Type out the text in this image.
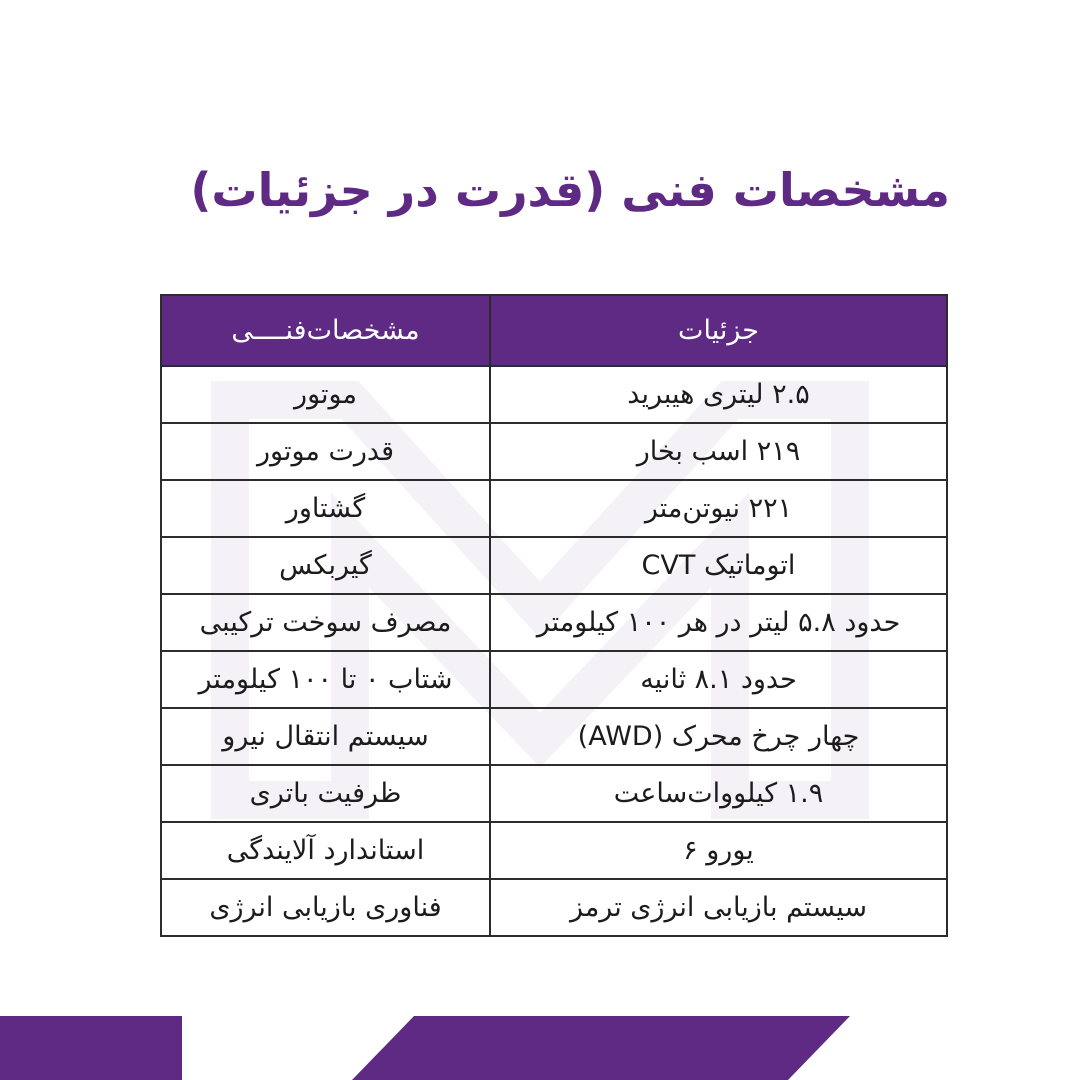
مشخصات فنی (قدرت در جزئیات)
جزئیات	مشخصات‌فنــــی
۲.۵ لیتری هیبرید	موتور
۲۱۹ اسب بخار	قدرت موتور
۲۲۱ نیوتن‌متر	گشتاور
اتوماتیک CVT	گیربکس
حدود ۵.۸ لیتر در هر ۱۰۰ کیلومتر	مصرف سوخت ترکیبی
حدود ۸.۱ ثانیه	شتاب ۰ تا ۱۰۰ کیلومتر
چهار چرخ محرک (AWD)	سیستم انتقال نیرو
۱.۹ کیلووات‌ساعت	ظرفیت باتری
یورو ۶	استاندارد آلایندگی
سیستم بازیابی انرژی ترمز	فناوری بازیابی انرژی
